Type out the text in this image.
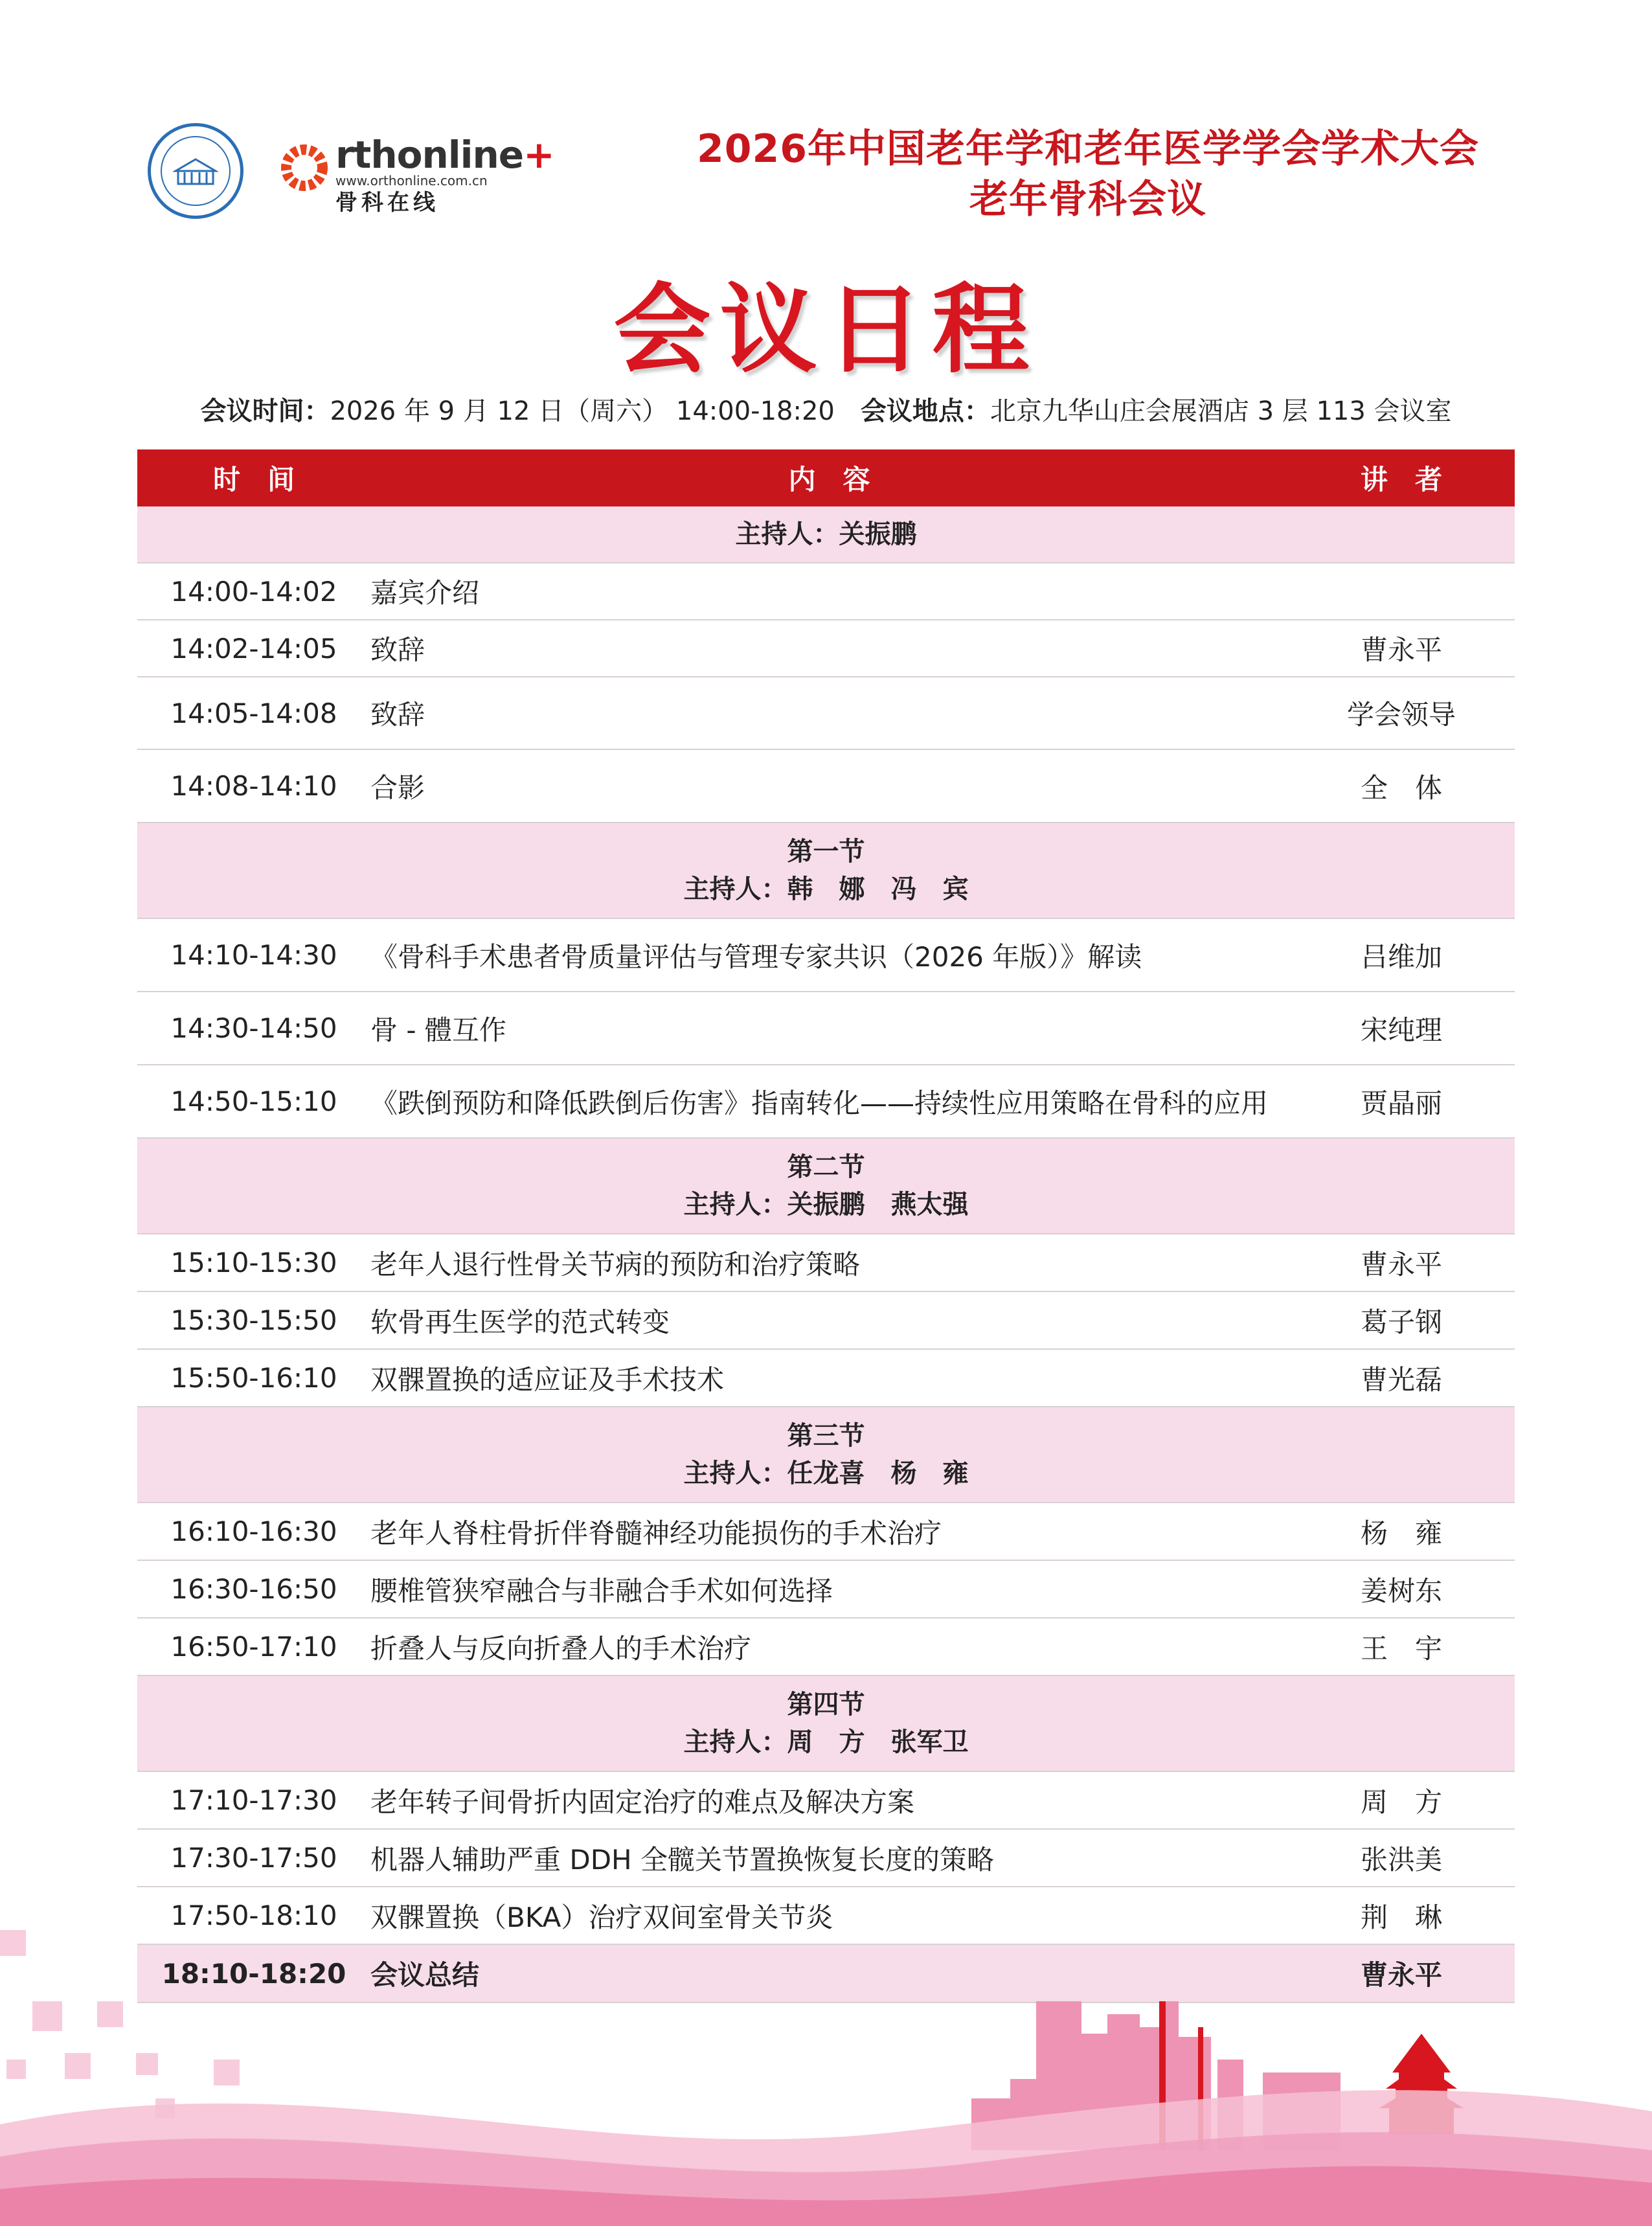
rthonline+
www.orthonline.com.cn
骨科在线
2026年中国老年学和老年医学学会学术大会
老年骨科会议
会议日程
会议时间：2026 年 9 月 12 日（周六） 14:00-18:20 会议地点：北京九华山庄会展酒店 3 层 113 会议室
时　间	内　容	讲　者
主持人：关振鹏
14:00-14:02	嘉宾介绍
14:02-14:05	致辞	曹永平
14:05-14:08	致辞	学会领导
14:08-14:10	合影	全　体
第一节
主持人：韩　娜　冯　宾
14:10-14:30	《骨科手术患者骨质量评估与管理专家共识（2026 年版）》解读	吕维加
14:30-14:50	骨 - 體互作	宋纯理
14:50-15:10	《跌倒预防和降低跌倒后伤害》指南转化——持续性应用策略在骨科的应用	贾晶丽
第二节
主持人：关振鹏　燕太强
15:10-15:30	老年人退行性骨关节病的预防和治疗策略	曹永平
15:30-15:50	软骨再生医学的范式转变	葛子钢
15:50-16:10	双髁置换的适应证及手术技术	曹光磊
第三节
主持人：任龙喜　杨　雍
16:10-16:30	老年人脊柱骨折伴脊髓神经功能损伤的手术治疗	杨　雍
16:30-16:50	腰椎管狭窄融合与非融合手术如何选择	姜树东
16:50-17:10	折叠人与反向折叠人的手术治疗	王　宇
第四节
主持人：周　方　张军卫
17:10-17:30	老年转子间骨折内固定治疗的难点及解决方案	周　方
17:30-17:50	机器人辅助严重 DDH 全髋关节置换恢复长度的策略	张洪美
17:50-18:10	双髁置换（BKA）治疗双间室骨关节炎	荆　琳
18:10-18:20 会议总结	曹永平
